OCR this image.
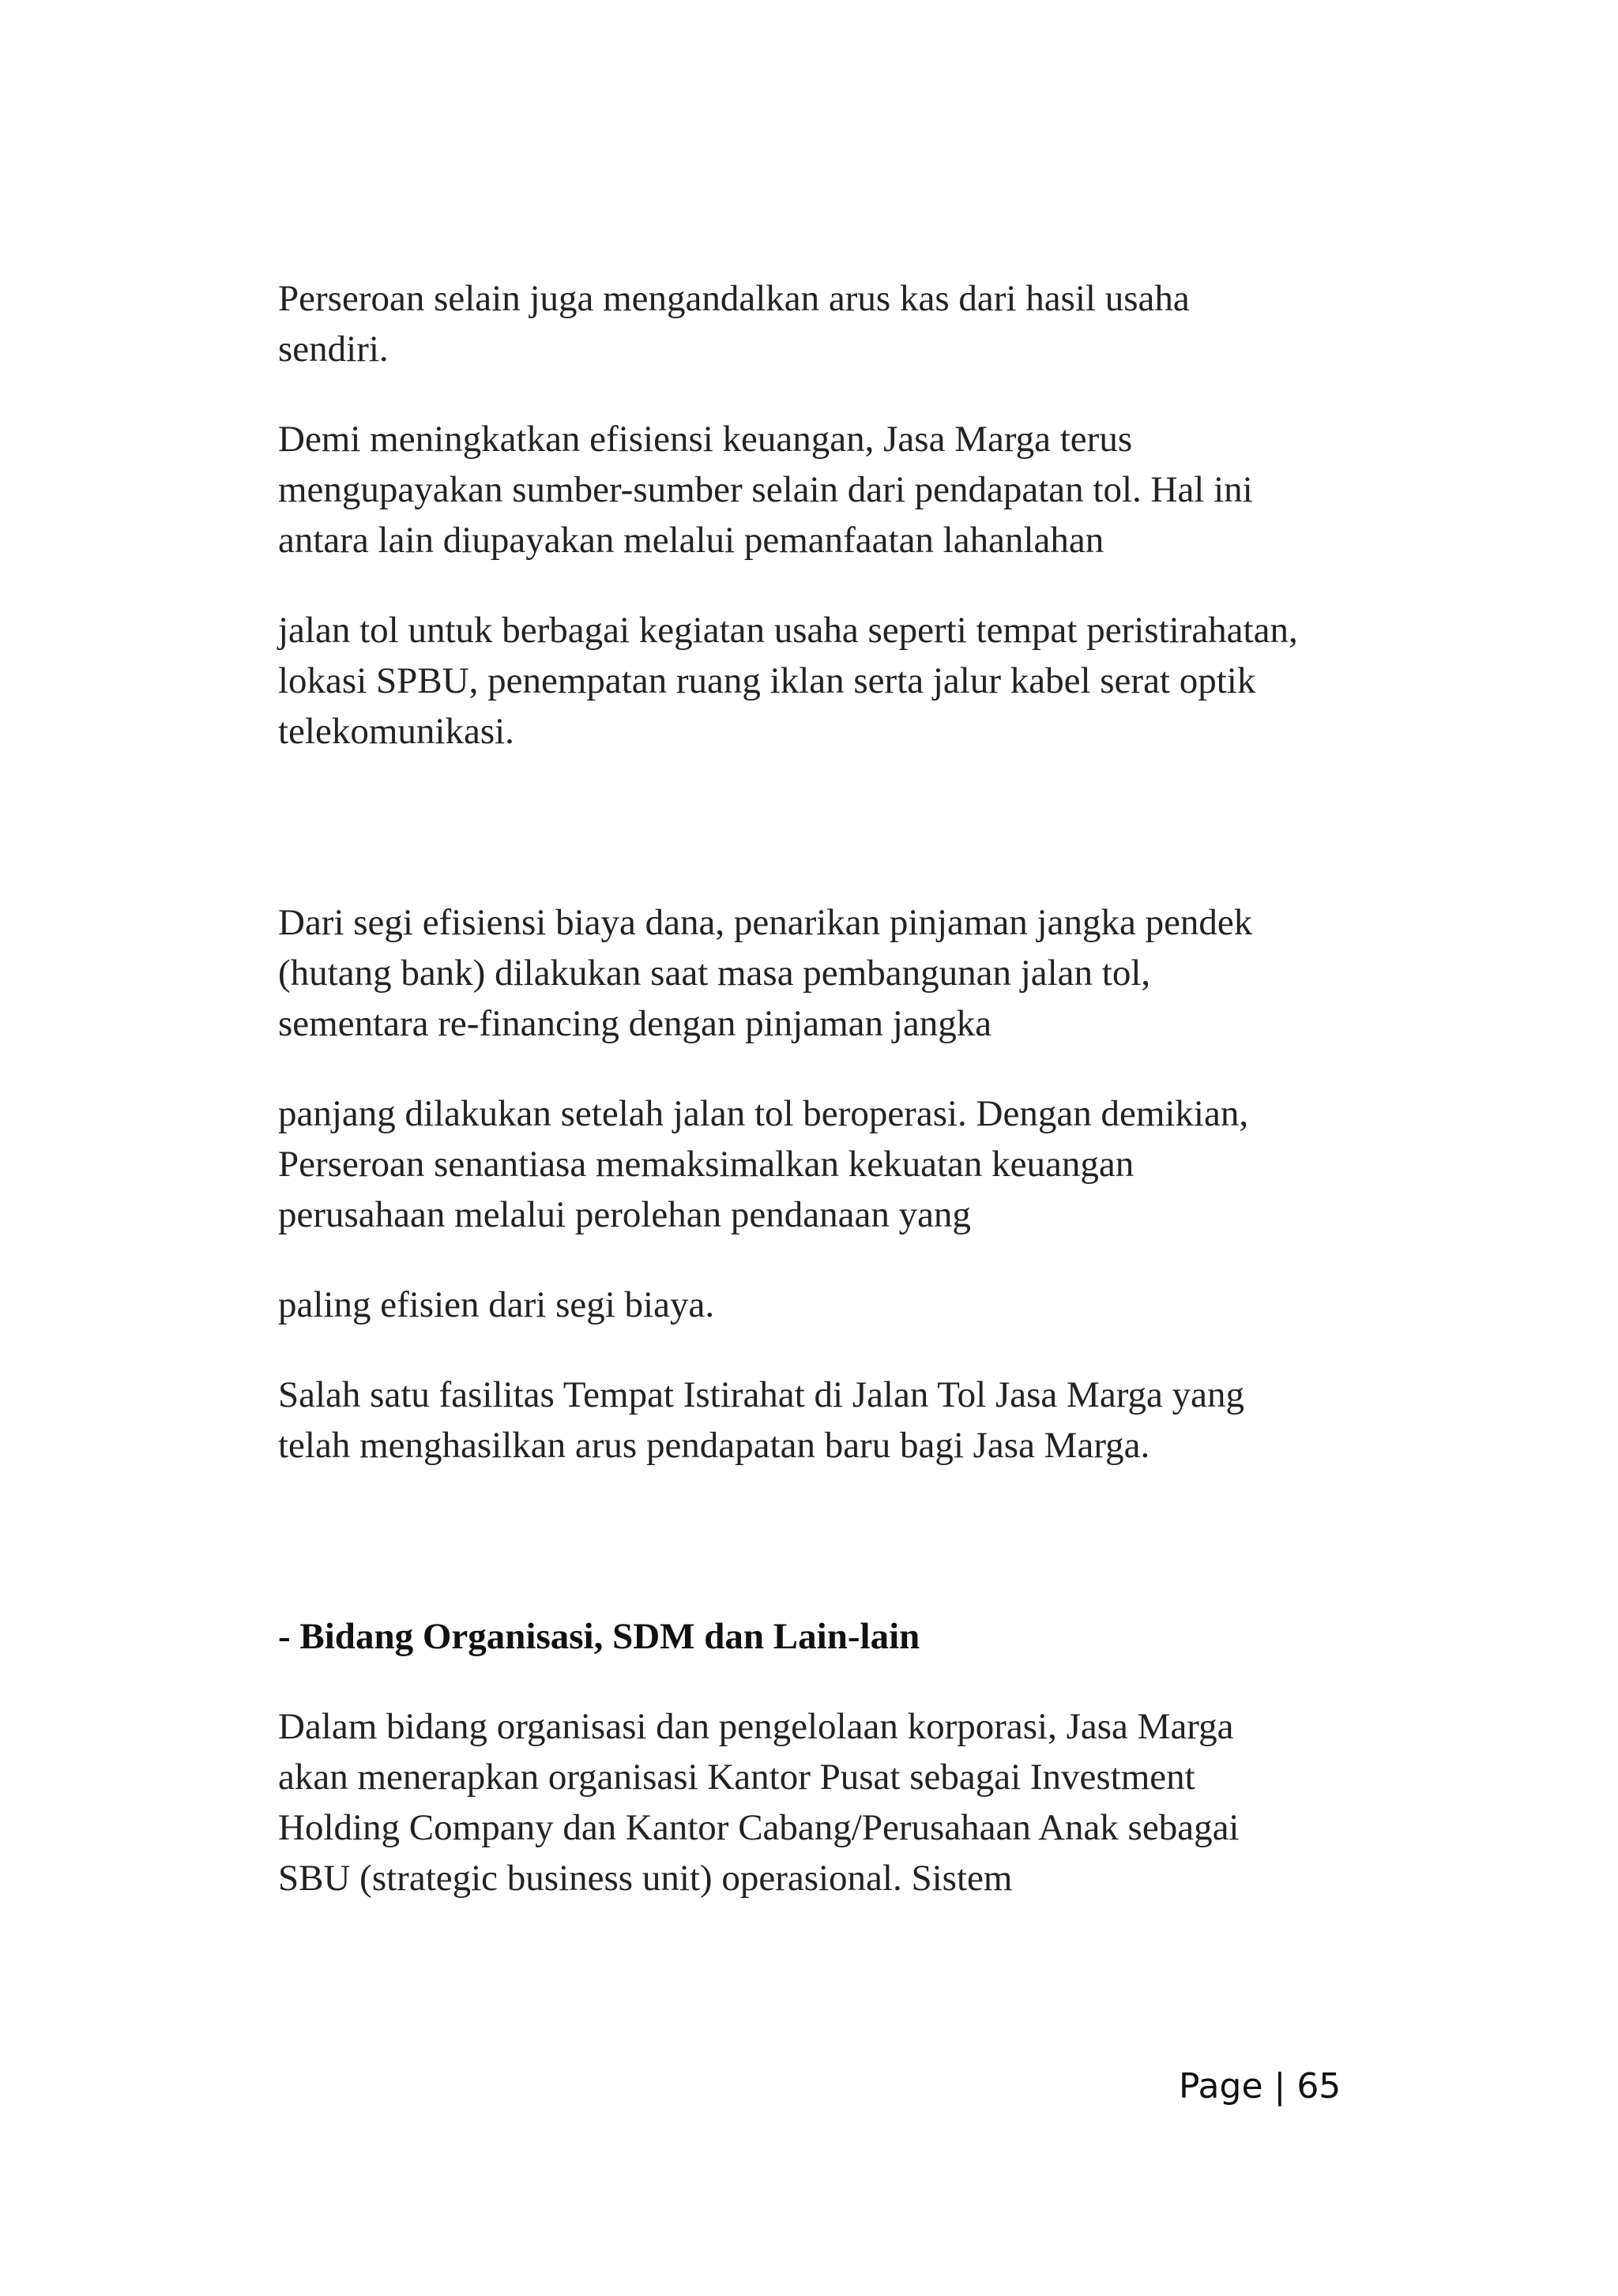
Perseroan selain juga mengandalkan arus kas dari hasil usaha
sendiri.

Demi meningkatkan efisiensi keuangan, Jasa Marga terus
mengupayakan sumber-sumber selain dari pendapatan tol. Hal ini
antara lain diupayakan melalui pemanfaatan lahanlahan

jalan tol untuk berbagai kegiatan usaha seperti tempat peristirahatan,
lokasi SPBU, penempatan ruang iklan serta jalur kabel serat optik
telekomunikasi.

Dari segi efisiensi biaya dana, penarikan pinjaman jangka pendek
(hutang bank) dilakukan saat masa pembangunan jalan tol,
sementara re-financing dengan pinjaman jangka

panjang dilakukan setelah jalan tol beroperasi. Dengan demikian,
Perseroan senantiasa memaksimalkan kekuatan keuangan
perusahaan melalui perolehan pendanaan yang

paling efisien dari segi biaya.

Salah satu fasilitas Tempat Istirahat di Jalan Tol Jasa Marga yang
telah menghasilkan arus pendapatan baru bagi Jasa Marga.

- Bidang Organisasi, SDM dan Lain-lain

Dalam bidang organisasi dan pengelolaan korporasi, Jasa Marga
akan menerapkan organisasi Kantor Pusat sebagai Investment
Holding Company dan Kantor Cabang/Perusahaan Anak sebagai
SBU (strategic business unit) operasional. Sistem

Page | 65
